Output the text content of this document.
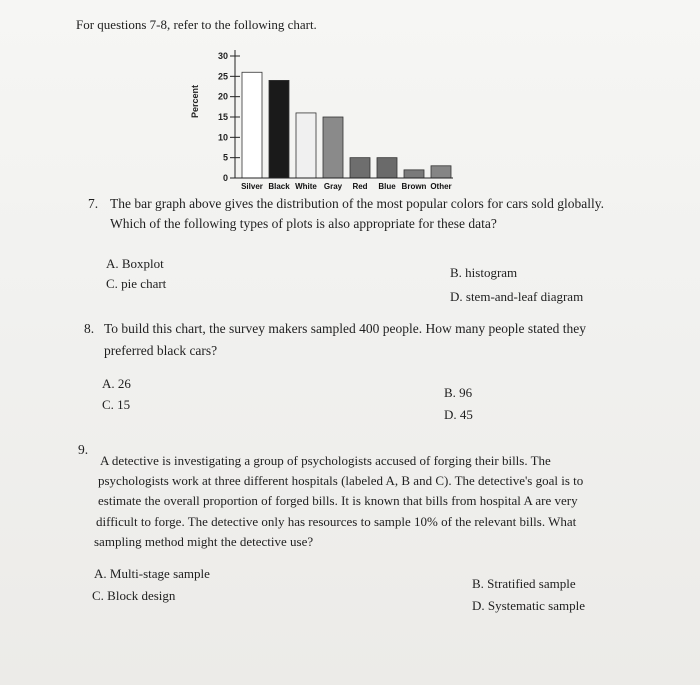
For questions 7-8, refer to the following chart.
Percent
0
5
10
15
20
25
30
Silver Black White Gray Red Blue Brown Other
7. The bar graph above gives the distribution of the most popular colors for cars sold globally.
Which of the following types of plots is also appropriate for these data?
A. Boxplot
B. histogram
C. pie chart
D. stem-and-leaf diagram
8. To build this chart, the survey makers sampled 400 people. How many people stated they
preferred black cars?
A. 26
B. 96
C. 15
D. 45
9.
A detective is investigating a group of psychologists accused of forging their bills. The
psychologists work at three different hospitals (labeled A, B and C). The detective's goal is to
estimate the overall proportion of forged bills. It is known that bills from hospital A are very
difficult to forge. The detective only has resources to sample 10% of the relevant bills. What
sampling method might the detective use?
A. Multi-stage sample
B. Stratified sample
C. Block design
D. Systematic sample
